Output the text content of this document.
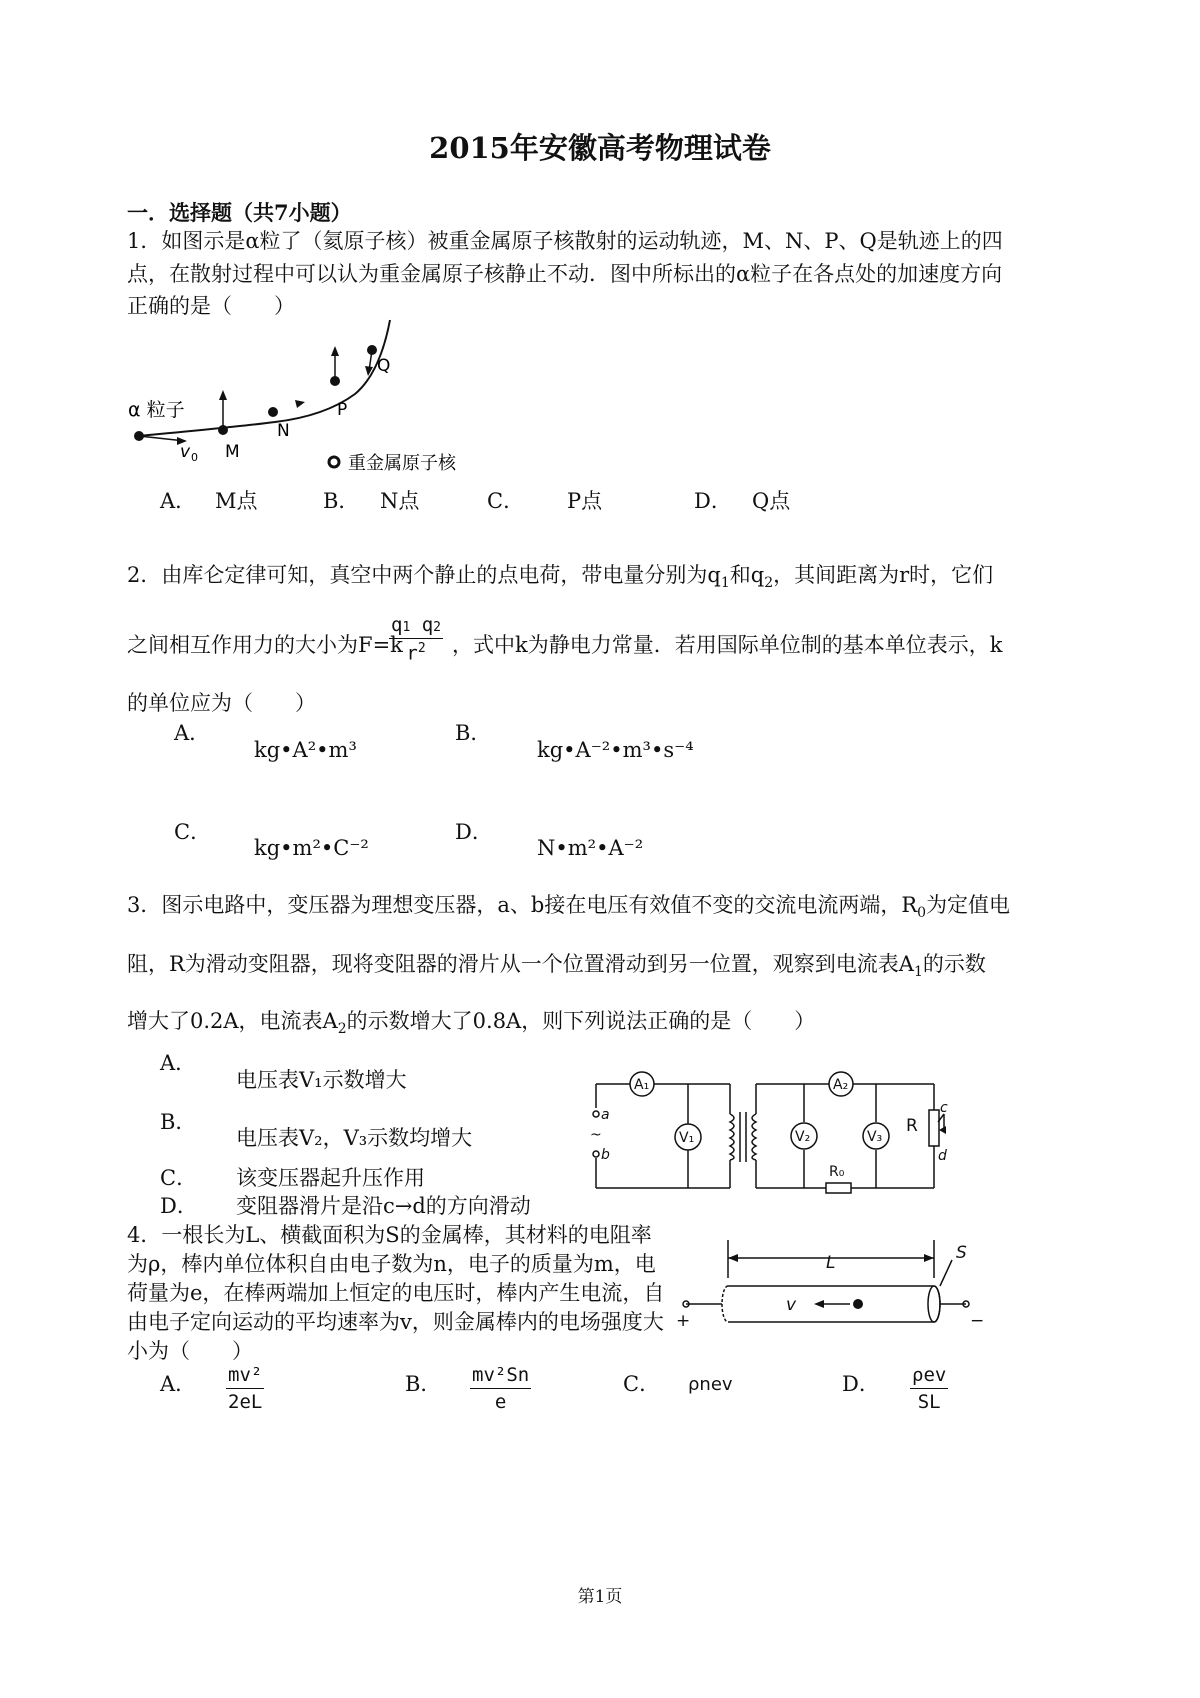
2015年安徽高考物理试卷
一．选择题（共7小题）
1．如图示是α粒了（氦原子核）被重金属原子核散射的运动轨迹，M、N、P、Q是轨迹上的四
点，在散射过程中可以认为重金属原子核静止不动．图中所标出的α粒子在各点处的加速度方向
正确的是（　　）
α 粒子
v 0 M
N
P
Q
重金属原子核
A． M点	B． N点	C． P点	D． Q点
2．由库仑定律可知，真空中两个静止的点电荷，带电量分别为$q_1$和$q_2$，其间距离为r时，它们
之间相互作用力的大小为F=k
$\frac{q1 q2}{r^2}$ ，式中k为静电力常量．若用国际单位制的基本单位表示，k
的单位应为（　　）
A．
kg•A²•m³
B．
kg•A⁻²•m³•s⁻⁴
C．
kg•m²•C⁻²
D．
N•m²•A⁻²
3．图示电路中，变压器为理想变压器，a、b接在电压有效值不变的交流电流两端，$R_0$为定值电
阻，R为滑动变阻器，现将变阻器的滑片从一个位置滑动到另一位置，观察到电流表$A_1$的示数
增大了0.2A，电流表$A_2$的示数增大了0.8A，则下列说法正确的是（　　）
A．
电压表V₁示数增大
B．
电压表V₂，V₃示数均增大
C． 该变压器起升压作用
D． 变阻器滑片是沿c→d的方向滑动
A₁	A₂
V₁	V₂	V₃
R
R₀
a
b
~
c
d
4．一根长为L、横截面积为S的金属棒，其材料的电阻率
为ρ，棒内单位体积自由电子数为n，电子的质量为m，电
荷量为e，在棒两端加上恒定的电压时，棒内产生电流，自
由电子定向运动的平均速率为v，则金属棒内的电场强度大
小为（　　）
L	S
v
+	−
A． $\frac{\text{mv²}}{2eL}$	B． $\frac{\text{mv²Sn}}{e}$	C． ρnev	D． ρev
SL
第1页
